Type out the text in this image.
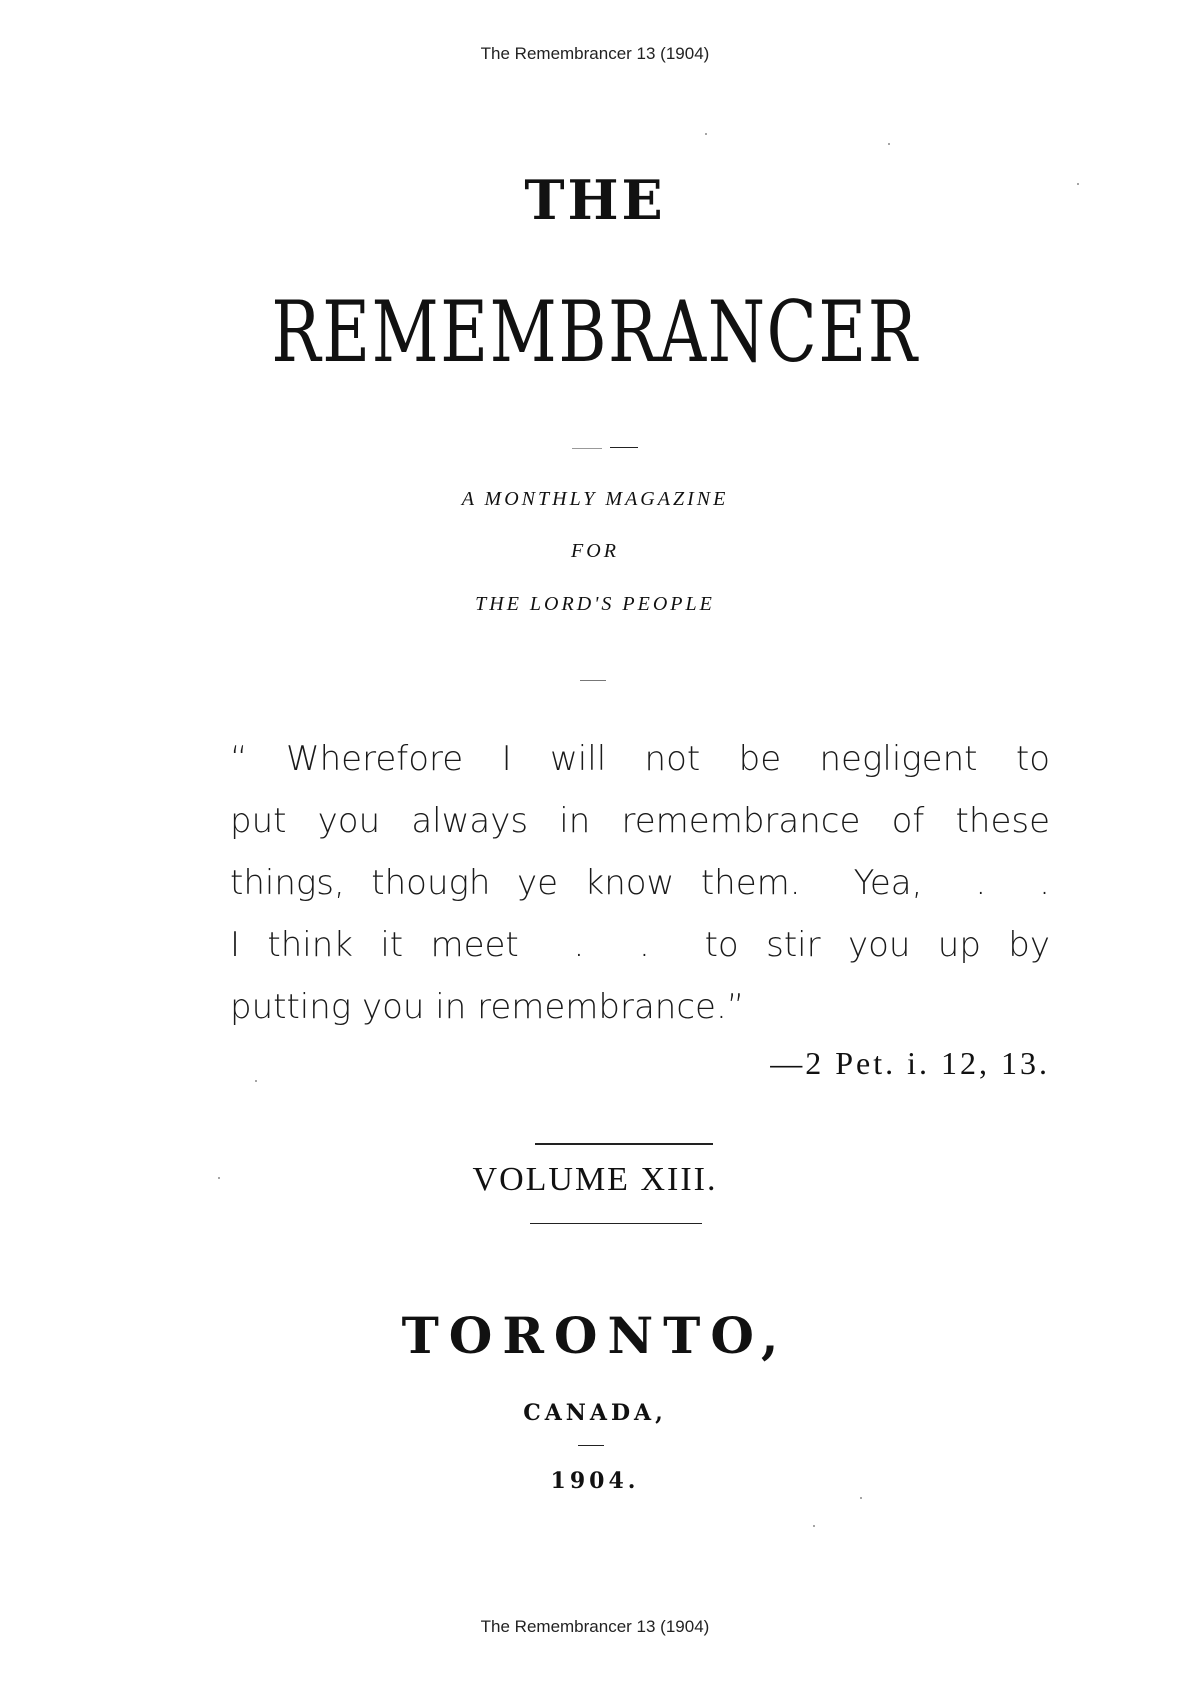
The Remembrancer 13 (1904)
THE
REMEMBRANCER
A MONTHLY MAGAZINE
FOR
THE LORD'S PEOPLE
“ Wherefore I will not be negligent to
put you always in remembrance of these
things, though ye know them.  Yea,  .  .
I think it meet  .  .  to stir you up by
putting you in remembrance.”
—2 Pet. i. 12, 13.
VOLUME XIII.
TORONTO,
CANADA,
1904.
The Remembrancer 13 (1904)
